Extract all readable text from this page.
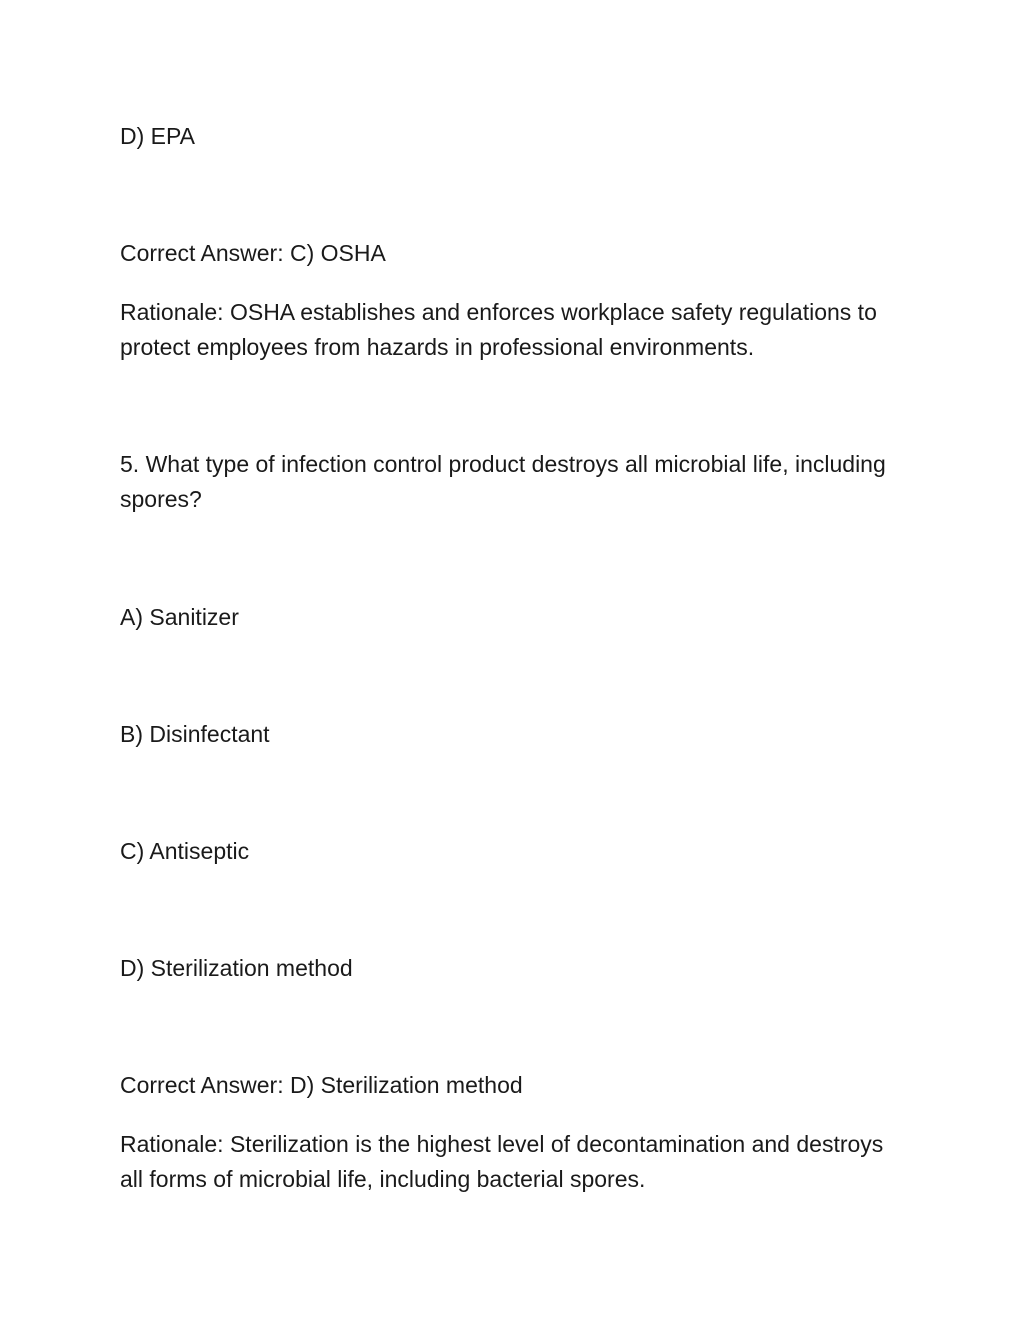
D) EPA
Correct Answer: C) OSHA
Rationale: OSHA establishes and enforces workplace safety regulations to protect employees from hazards in professional environments.
5. What type of infection control product destroys all microbial life, including spores?
A) Sanitizer
B) Disinfectant
C) Antiseptic
D) Sterilization method
Correct Answer: D) Sterilization method
Rationale: Sterilization is the highest level of decontamination and destroys all forms of microbial life, including bacterial spores.
